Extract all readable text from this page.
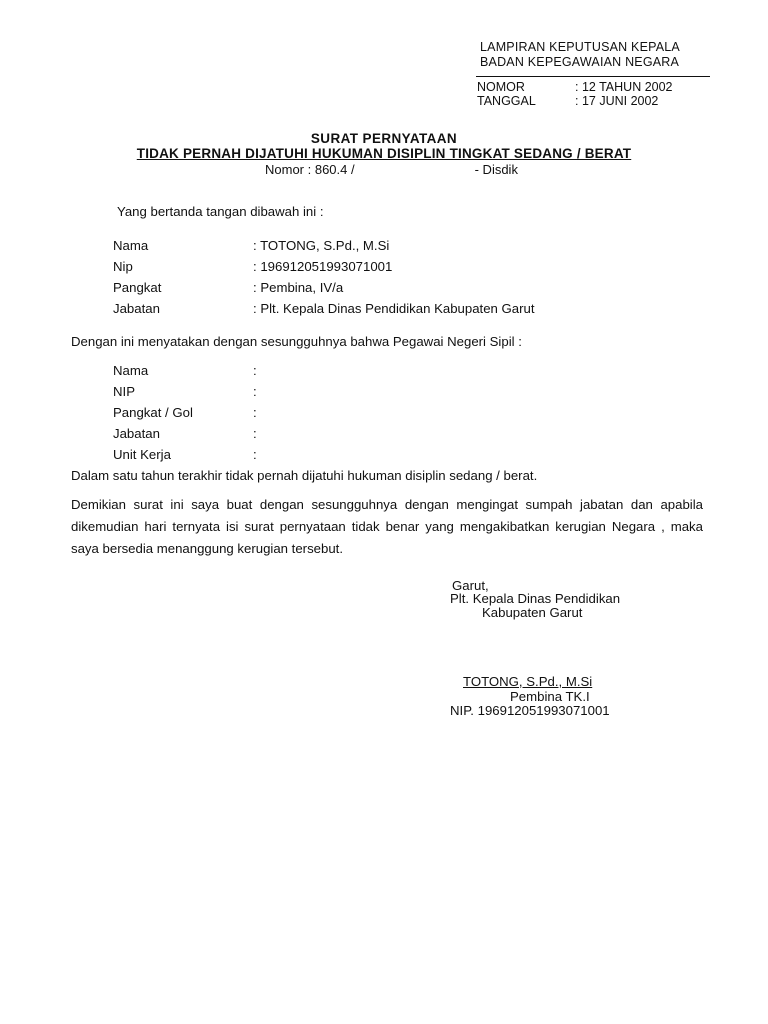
LAMPIRAN KEPUTUSAN KEPALA
BADAN KEPEGAWAIAN NEGARA
NOMOR	: 12 TAHUN 2002
TANGGAL	: 17 JUNI 2002
SURAT PERNYATAAN
TIDAK PERNAH DIJATUHI HUKUMAN DISIPLIN TINGKAT SEDANG / BERAT
Nomor : 860.4 /	- Disdik
Yang bertanda tangan dibawah ini :
Nama	: TOTONG, S.Pd., M.Si
Nip	: 196912051993071001
Pangkat	: Pembina, IV/a
Jabatan	: Plt. Kepala Dinas Pendidikan Kabupaten Garut
Dengan ini menyatakan dengan sesungguhnya bahwa Pegawai Negeri Sipil :
Nama	:
NIP	:
Pangkat / Gol	:
Jabatan	:
Unit Kerja	:
Dalam satu tahun terakhir tidak pernah dijatuhi hukuman disiplin sedang / berat.
Demikian surat ini saya buat dengan sesungguhnya dengan mengingat sumpah jabatan dan apabila dikemudian hari ternyata isi surat pernyataan tidak benar yang mengakibatkan kerugian Negara , maka saya bersedia menanggung kerugian tersebut.
Garut,
Plt. Kepala Dinas Pendidikan
Kabupaten Garut
TOTONG, S.Pd., M.Si
Pembina TK.I
NIP. 196912051993071001
